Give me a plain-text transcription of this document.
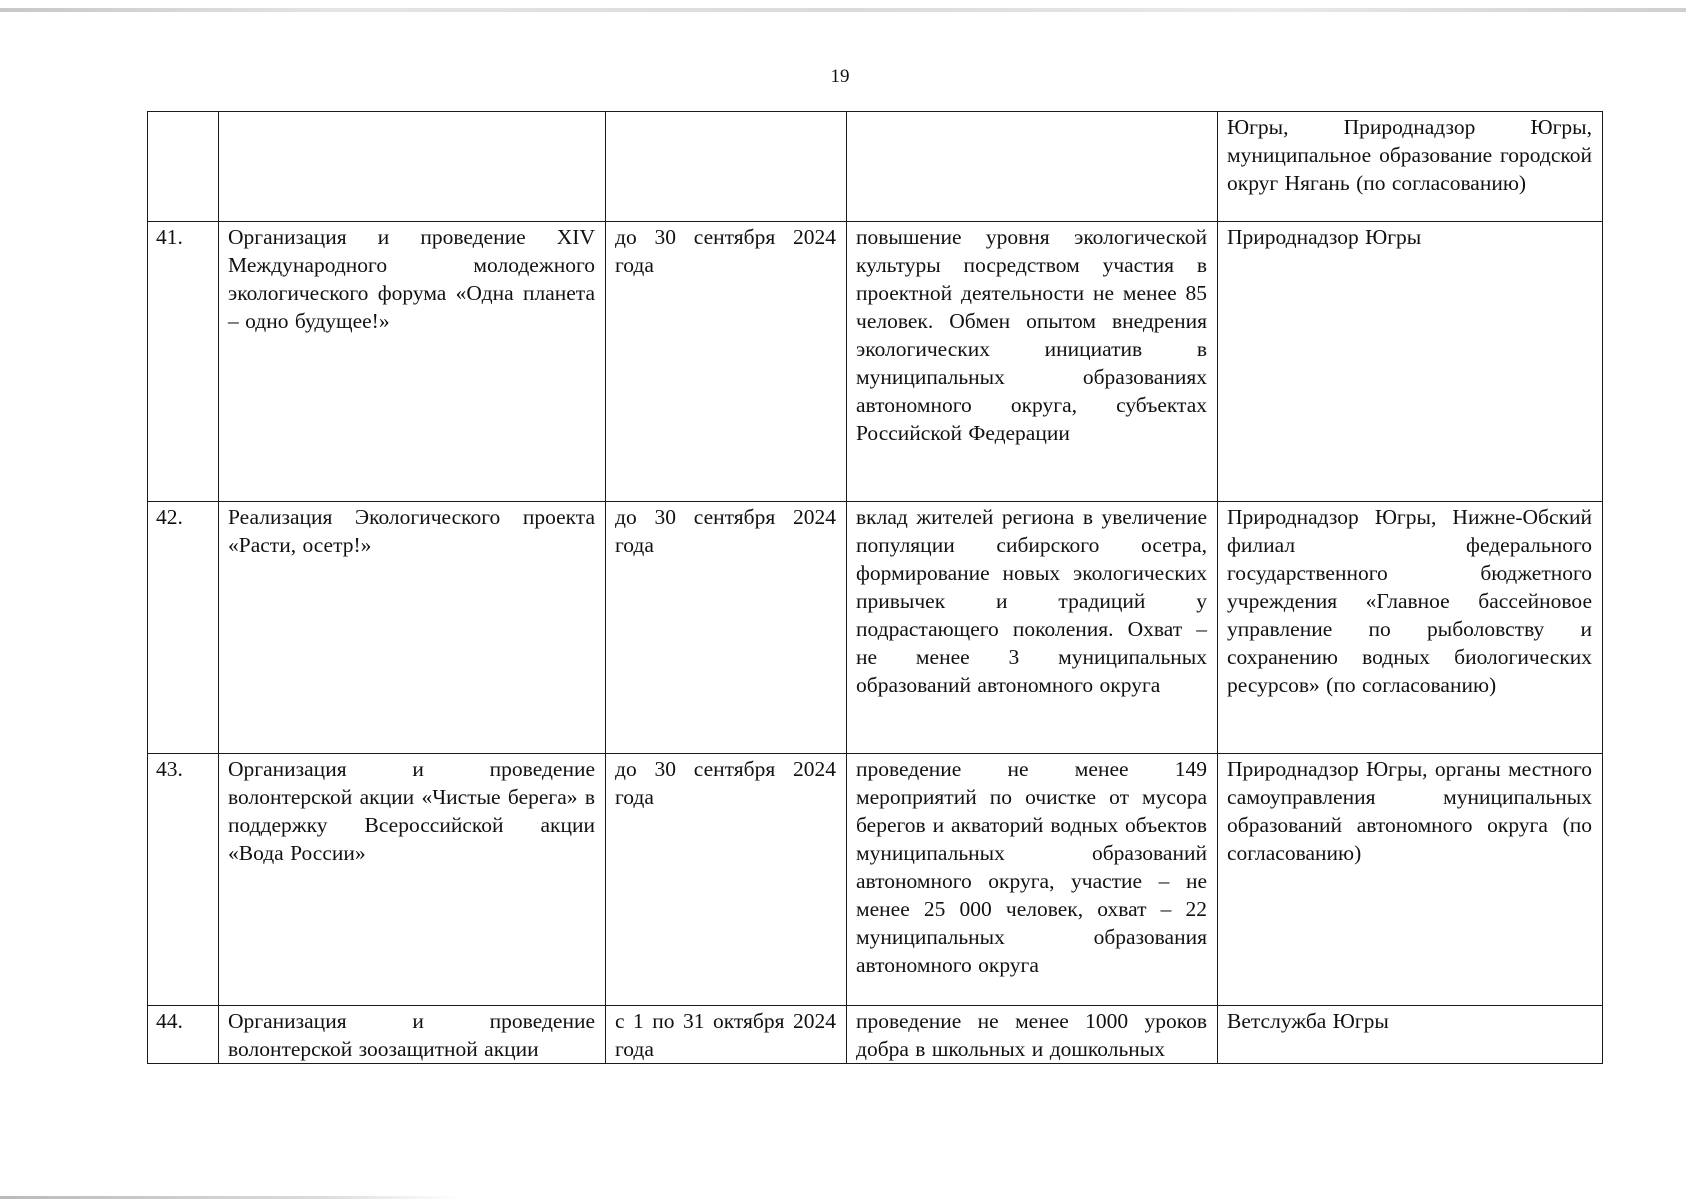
19
				Югры, Природнадзор Югры, муниципальное образование городской округ Нягань (по согласованию)
41.	Организация и проведение XIV Международного молодежного экологического форума «Одна планета – одно будущее!»	до 30 сентября 2024 года	повышение уровня экологической культуры посредством участия в проектной деятельности не менее 85 человек. Обмен опытом внедрения экологических инициатив в муниципальных образованиях автономного округа, субъектах Российской Федерации	Природнадзор Югры
42.	Реализация Экологического проекта «Расти, осетр!»	до 30 сентября 2024 года	вклад жителей региона в увеличение популяции сибирского осетра, формирование новых экологических привычек и традиций у подрастающего поколения. Охват – не менее 3 муниципальных образований автономного округа	Природнадзор Югры, Нижне-Обский филиал федерального государственного бюджетного учреждения «Главное бассейновое управление по рыболовству и сохранению водных биологических ресурсов» (по согласованию)
43.	Организация и проведение волонтерской акции «Чистые берега» в поддержку Всероссийской акции «Вода России»	до 30 сентября 2024 года	проведение не менее 149 мероприятий по очистке от мусора берегов и акваторий водных объектов муниципальных образований автономного округа, участие – не менее 25 000 человек, охват – 22 муниципальных образования автономного округа	Природнадзор Югры, органы местного самоуправления муниципальных образований автономного округа (по согласованию)
44.	Организация и проведение волонтерской зоозащитной акции	с 1 по 31 октября 2024 года	проведение не менее 1000 уроков добра в школьных и дошкольных	Ветслужба Югры
